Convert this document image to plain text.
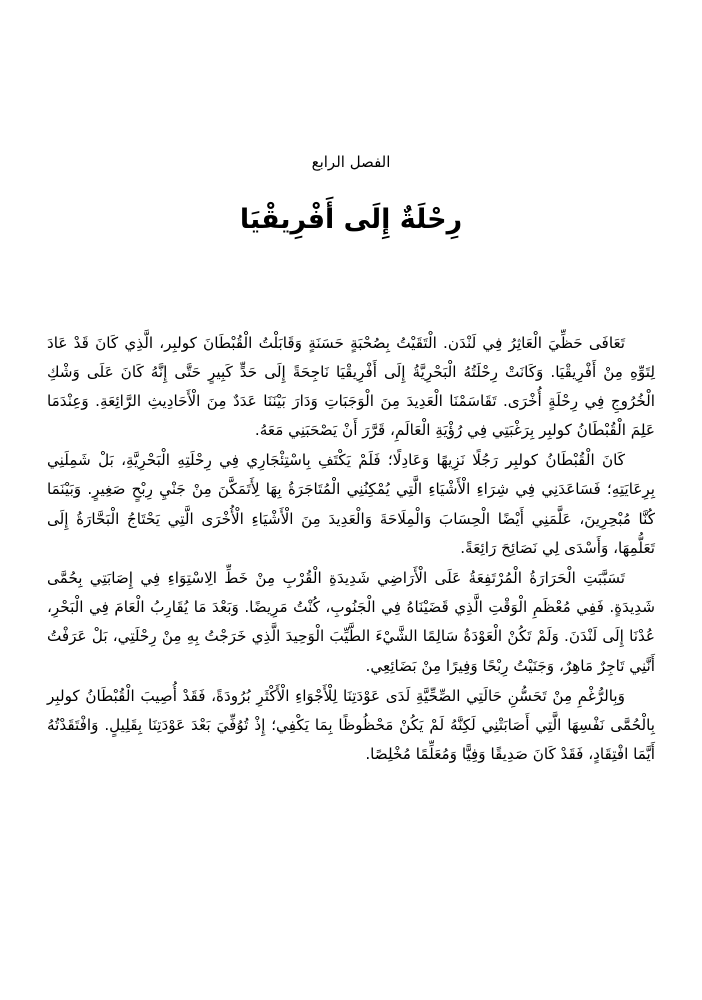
الفصل الرابع
رِحْلَةٌ إِلَى أَفْرِيقْيَا

تَعَافَى حَظِّيَ الْعَاثِرُ فِي لَنْدَن. الْتَقَيْتُ بِصُحْبَةٍ حَسَنَةٍ وَقَابَلْتُ الْقُبْطَانَ كولبِر، الَّذِي كَانَ قَدْ عَادَ لِتَوِّهِ مِنْ أَفْرِيقْيَا. وَكَانَتْ رِحْلَتُهُ الْبَحْرِيَّةُ إِلَى أَفْرِيقْيَا نَاجِحَةً إِلَى حَدٍّ كَبِيرٍ حَتَّى إِنَّهُ كَانَ عَلَى وَشْكِ الْخُرُوجِ فِي رِحْلَةٍ أُخْرَى. تَقَاسَمْنَا الْعَدِيدَ مِنَ الْوَجَبَاتِ وَدَارَ بَيْنَنَا عَدَدٌ مِنَ الْأَحَادِيثِ الرَّائِعَةِ. وَعِنْدَمَا عَلِمَ الْقُبْطَانُ كولبِر بِرَغْبَتِي فِي رُؤْيَةِ الْعَالَمِ، قَرَّرَ أَنْ يَصْحَبَنِي مَعَهُ.

كَانَ الْقُبْطَانُ كولبِر رَجُلًا نَزِيهًا وَعَادِلًا؛ فَلَمْ يَكْتَفِ بِاسْتِئْجَارِي فِي رِحْلَتِهِ الْبَحْرِيَّةِ، بَلْ شَمِلَنِي بِرِعَايَتِهِ؛ فَسَاعَدَنِي فِي شِرَاءِ الْأَشْيَاءِ الَّتِي يُمْكِنُنِي الْمُتَاجَرَةُ بِهَا لِأَتَمَكَّنَ مِنْ جَنْيِ رِبْحٍ صَغِيرٍ. وَبَيْنَمَا كُنَّا مُبْحِرِينَ، عَلَّمَنِي أَيْضًا الْحِسَابَ وَالْمِلَاحَةَ وَالْعَدِيدَ مِنَ الْأَشْيَاءِ الْأُخْرَى الَّتِي يَحْتَاجُ الْبَحَّارَةُ إِلَى تَعَلُّمِهَا، وَأَسْدَى لِي نَصَائِحَ رَائِعَةً.

تَسَبَّبَتِ الْحَرَارَةُ الْمُرْتَفِعَةُ عَلَى الْأَرَاضِي شَدِيدَةِ الْقُرْبِ مِنْ خَطِّ الِاسْتِوَاءِ فِي إِصَابَتِي بِحُمَّى شَدِيدَةٍ. فَفِي مُعْظَمِ الْوَقْتِ الَّذِي قَضَيْنَاهُ فِي الْجَنُوبِ، كُنْتُ مَرِيضًا. وَبَعْدَ مَا يُقَارِبُ الْعَامَ فِي الْبَحْرِ، عُدْنَا إِلَى لَنْدَنَ. وَلَمْ تَكُنْ الْعَوْدَةُ سَالِمًا الشَّيْءَ الطَّيِّبَ الْوَحِيدَ الَّذِي خَرَجْتُ بِهِ مِنْ رِحْلَتِي، بَلْ عَرَفْتُ أَنَّنِي تَاجِرٌ مَاهِرٌ، وَجَنَيْتُ رِبْحًا وَفِيرًا مِنْ بَضَائِعِي.

وَبِالرُّغْمِ مِنْ تَحَسُّنِ حَالَتِي الصِّحِّيَّةِ لَدَى عَوْدَتِنَا لِلْأَجْوَاءِ الْأَكْثَرِ بُرُودَةً، فَقَدْ أُصِيبَ الْقُبْطَانُ كولبِر بِالْحُمَّى نَفْسِهَا الَّتِي أَصَابَتْنِي لَكِنَّهُ لَمْ يَكُنْ مَحْظُوظًا بِمَا يَكْفِي؛ إِذْ تُوُفِّيَ بَعْدَ عَوْدَتِنَا بِقَلِيلٍ. وَافْتَقَدْتُهُ أَيَّمَا افْتِقَادٍ، فَقَدْ كَانَ صَدِيقًا وَفِيًّا وَمُعَلِّمًا مُخْلِصًا.
